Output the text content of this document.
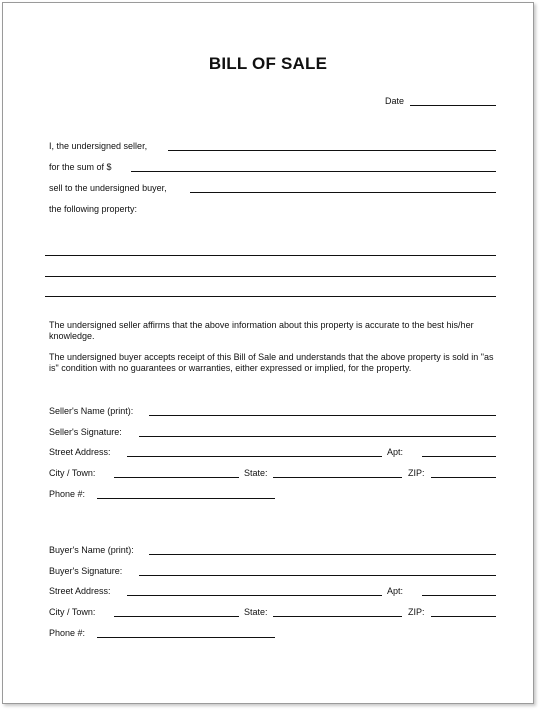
BILL OF SALE
Date
I, the undersigned seller,
for the sum of $
sell to the undersigned buyer,
the following property:
The undersigned seller affirms that the above information about this property is accurate to the best his/her knowledge.
The undersigned buyer accepts receipt of this Bill of Sale and understands that the above property is sold in "as is" condition with no guarantees or warranties, either expressed or implied, for the property.
Seller's Name (print):
Seller's Signature:
Street Address:	Apt:
City / Town:	State:	ZIP:
Phone #:
Buyer's Name (print):
Buyer's Signature:
Street Address:	Apt:
City / Town:	State:	ZIP:
Phone #:
